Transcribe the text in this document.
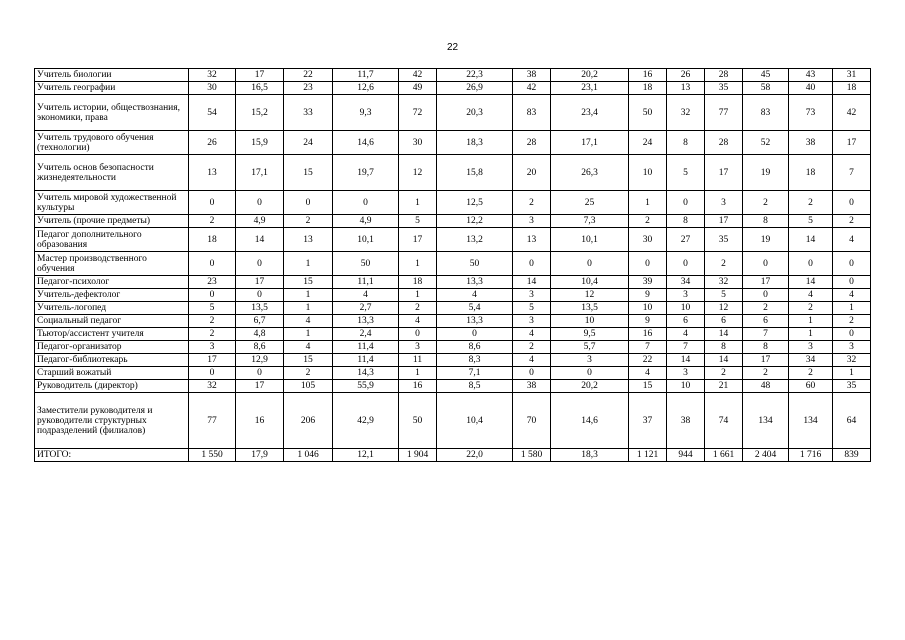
22
Учитель биологии	32	17	22	11,7	42	22,3	38	20,2	16	26	28	45	43	31
Учитель географии	30	16,5	23	12,6	49	26,9	42	23,1	18	13	35	58	40	18
Учитель истории, обществознания, экономики, права	54	15,2	33	9,3	72	20,3	83	23,4	50	32	77	83	73	42
Учитель трудового обучения (технологии)	26	15,9	24	14,6	30	18,3	28	17,1	24	8	28	52	38	17
Учитель основ безопасности жизнедеятельности	13	17,1	15	19,7	12	15,8	20	26,3	10	5	17	19	18	7
Учитель мировой художественной культуры	0	0	0	0	1	12,5	2	25	1	0	3	2	2	0
Учитель (прочие предметы)	2	4,9	2	4,9	5	12,2	3	7,3	2	8	17	8	5	2
Педагог дополнительного образования	18	14	13	10,1	17	13,2	13	10,1	30	27	35	19	14	4
Мастер производственного обучения	0	0	1	50	1	50	0	0	0	0	2	0	0	0
Педагог-психолог	23	17	15	11,1	18	13,3	14	10,4	39	34	32	17	14	0
Учитель-дефектолог	0	0	1	4	1	4	3	12	9	3	5	0	4	4
Учитель-логопед	5	13,5	1	2,7	2	5,4	5	13,5	10	10	12	2	2	1
Социальный педагог	2	6,7	4	13,3	4	13,3	3	10	9	6	6	6	1	2
Тьютор/ассистент учителя	2	4,8	1	2,4	0	0	4	9,5	16	4	14	7	1	0
Педагог-организатор	3	8,6	4	11,4	3	8,6	2	5,7	7	7	8	8	3	3
Педагог-библиотекарь	17	12,9	15	11,4	11	8,3	4	3	22	14	14	17	34	32
Старший вожатый	0	0	2	14,3	1	7,1	0	0	4	3	2	2	2	1
Руководитель (директор)	32	17	105	55,9	16	8,5	38	20,2	15	10	21	48	60	35
Заместители руководителя и руководители структурных подразделений (филиалов)	77	16	206	42,9	50	10,4	70	14,6	37	38	74	134	134	64
ИТОГО:	1 550	17,9	1 046	12,1	1 904	22,0	1 580	18,3	1 121	944	1 661	2 404	1 716	839
